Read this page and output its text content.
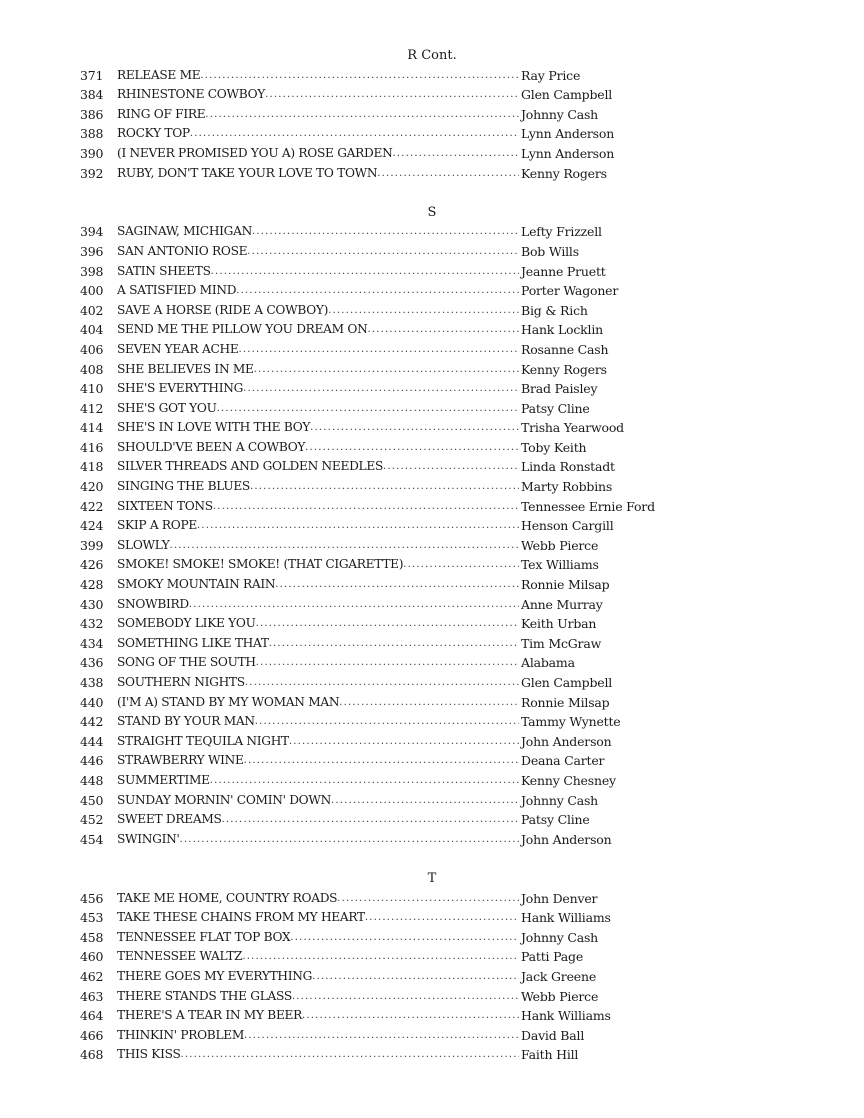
R Cont.
371	RELEASE ME .....	Ray Price
384	RHINESTONE COWBOY .....	Glen Campbell
386	RING OF FIRE .....	Johnny Cash
388	ROCKY TOP .....	Lynn Anderson
390	(I NEVER PROMISED YOU A) ROSE GARDEN .....	Lynn Anderson
392	RUBY, DON'T TAKE YOUR LOVE TO TOWN .....	Kenny Rogers
S
394	SAGINAW, MICHIGAN .....	Lefty Frizzell
396	SAN ANTONIO ROSE .....	Bob Wills
398	SATIN SHEETS .....	Jeanne Pruett
400	A SATISFIED MIND .....	Porter Wagoner
402	SAVE A HORSE (RIDE A COWBOY) .....	Big & Rich
404	SEND ME THE PILLOW YOU DREAM ON .....	Hank Locklin
406	SEVEN YEAR ACHE .....	Rosanne Cash
408	SHE BELIEVES IN ME .....	Kenny Rogers
410	SHE'S EVERYTHING .....	Brad Paisley
412	SHE'S GOT YOU .....	Patsy Cline
414	SHE'S IN LOVE WITH THE BOY .....	Trisha Yearwood
416	SHOULD'VE BEEN A COWBOY .....	Toby Keith
418	SILVER THREADS AND GOLDEN NEEDLES .....	Linda Ronstadt
420	SINGING THE BLUES .....	Marty Robbins
422	SIXTEEN TONS .....	Tennessee Ernie Ford
424	SKIP A ROPE .....	Henson Cargill
399	SLOWLY .....	Webb Pierce
426	SMOKE! SMOKE! SMOKE! (THAT CIGARETTE) .....	Tex Williams
428	SMOKY MOUNTAIN RAIN .....	Ronnie Milsap
430	SNOWBIRD .....	Anne Murray
432	SOMEBODY LIKE YOU .....	Keith Urban
434	SOMETHING LIKE THAT .....	Tim McGraw
436	SONG OF THE SOUTH .....	Alabama
438	SOUTHERN NIGHTS .....	Glen Campbell
440	(I'M A) STAND BY MY WOMAN MAN .....	Ronnie Milsap
442	STAND BY YOUR MAN .....	Tammy Wynette
444	STRAIGHT TEQUILA NIGHT .....	John Anderson
446	STRAWBERRY WINE .....	Deana Carter
448	SUMMERTIME .....	Kenny Chesney
450	SUNDAY MORNIN' COMIN' DOWN .....	Johnny Cash
452	SWEET DREAMS .....	Patsy Cline
454	SWINGIN' .....	John Anderson
T
456	TAKE ME HOME, COUNTRY ROADS .....	John Denver
453	TAKE THESE CHAINS FROM MY HEART .....	Hank Williams
458	TENNESSEE FLAT TOP BOX .....	Johnny Cash
460	TENNESSEE WALTZ .....	Patti Page
462	THERE GOES MY EVERYTHING .....	Jack Greene
463	THERE STANDS THE GLASS .....	Webb Pierce
464	THERE'S A TEAR IN MY BEER .....	Hank Williams
466	THINKIN' PROBLEM .....	David Ball
468	THIS KISS .....	Faith Hill
